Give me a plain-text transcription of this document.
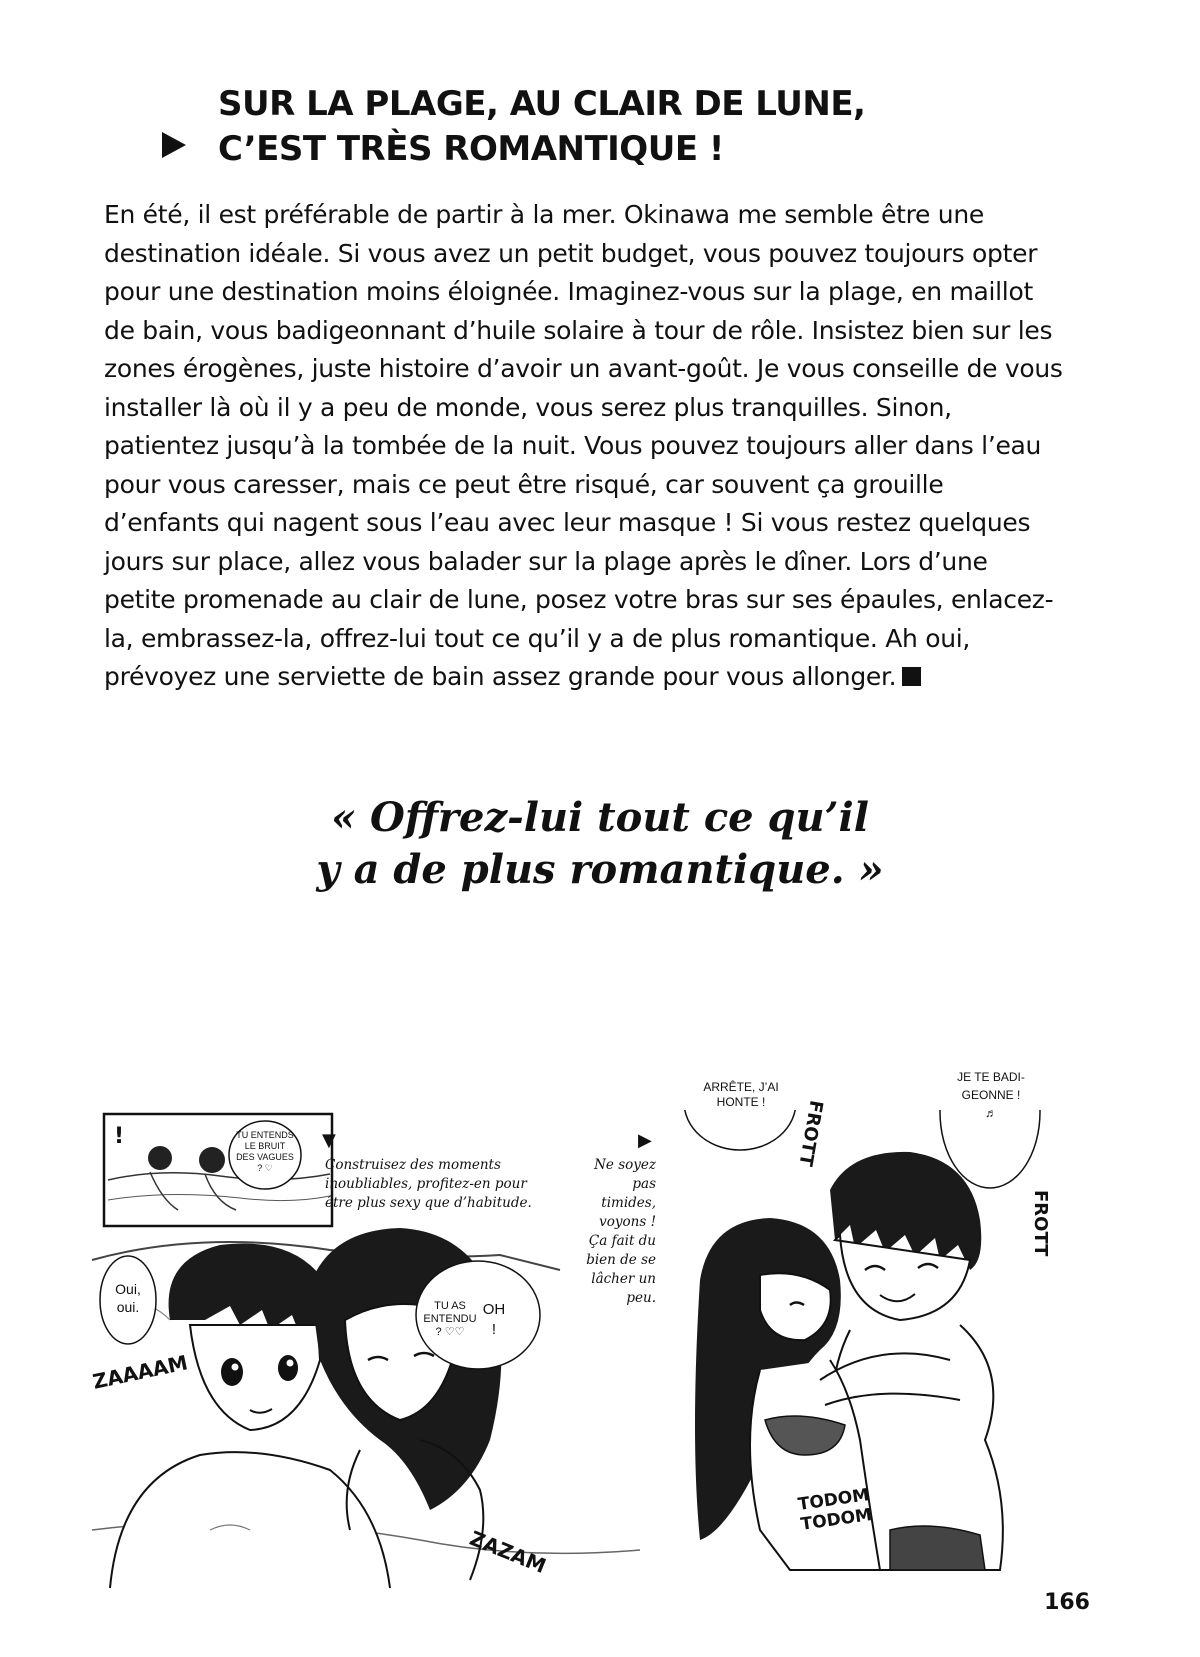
SUR LA PLAGE, AU CLAIR DE LUNE,
C’EST TRÈS ROMANTIQUE !

En été, il est préférable de partir à la mer. Okinawa me semble être une destination idéale. Si vous avez un petit budget, vous pouvez toujours opter pour une destination moins éloignée. Imaginez-vous sur la plage, en maillot de bain, vous badigeonnant d’huile solaire à tour de rôle. Insistez bien sur les zones érogènes, juste histoire d’avoir un avant-goût. Je vous conseille de vous installer là où il y a peu de monde, vous serez plus tranquilles. Sinon, patientez jusqu’à la tombée de la nuit. Vous pouvez toujours aller dans l’eau pour vous caresser, mais ce peut être risqué, car souvent ça grouille d’enfants qui nagent sous l’eau avec leur masque ! Si vous restez quelques jours sur place, allez vous balader sur la plage après le dîner. Lors d’une petite promenade au clair de lune, posez votre bras sur ses épaules, enlacez-la, embrassez-la, offrez-lui tout ce qu’il y a de plus romantique. Ah oui, prévoyez une serviette de bain assez grande pour vous allonger.

« Offrez-lui tout ce qu’il
y a de plus romantique. »
!	TU ENTENDS LE BRUIT DES VAGUES ? ♡
▼
Construisez des moments inoubliables, profitez-en pour être plus sexy que d’habitude.
Oui, oui.	TU AS ENTENDU ? ♡♡
OH !
ZAAAAM
ZAZAM
▶
Ne soyez pas timides, voyons ! Ça fait du bien de se lâcher un peu.
ARRÊTE, J’AI HONTE !
JE TE BADI- GEONNE ! ♬
FROTT
FROTT
TODOM TODOM
166
